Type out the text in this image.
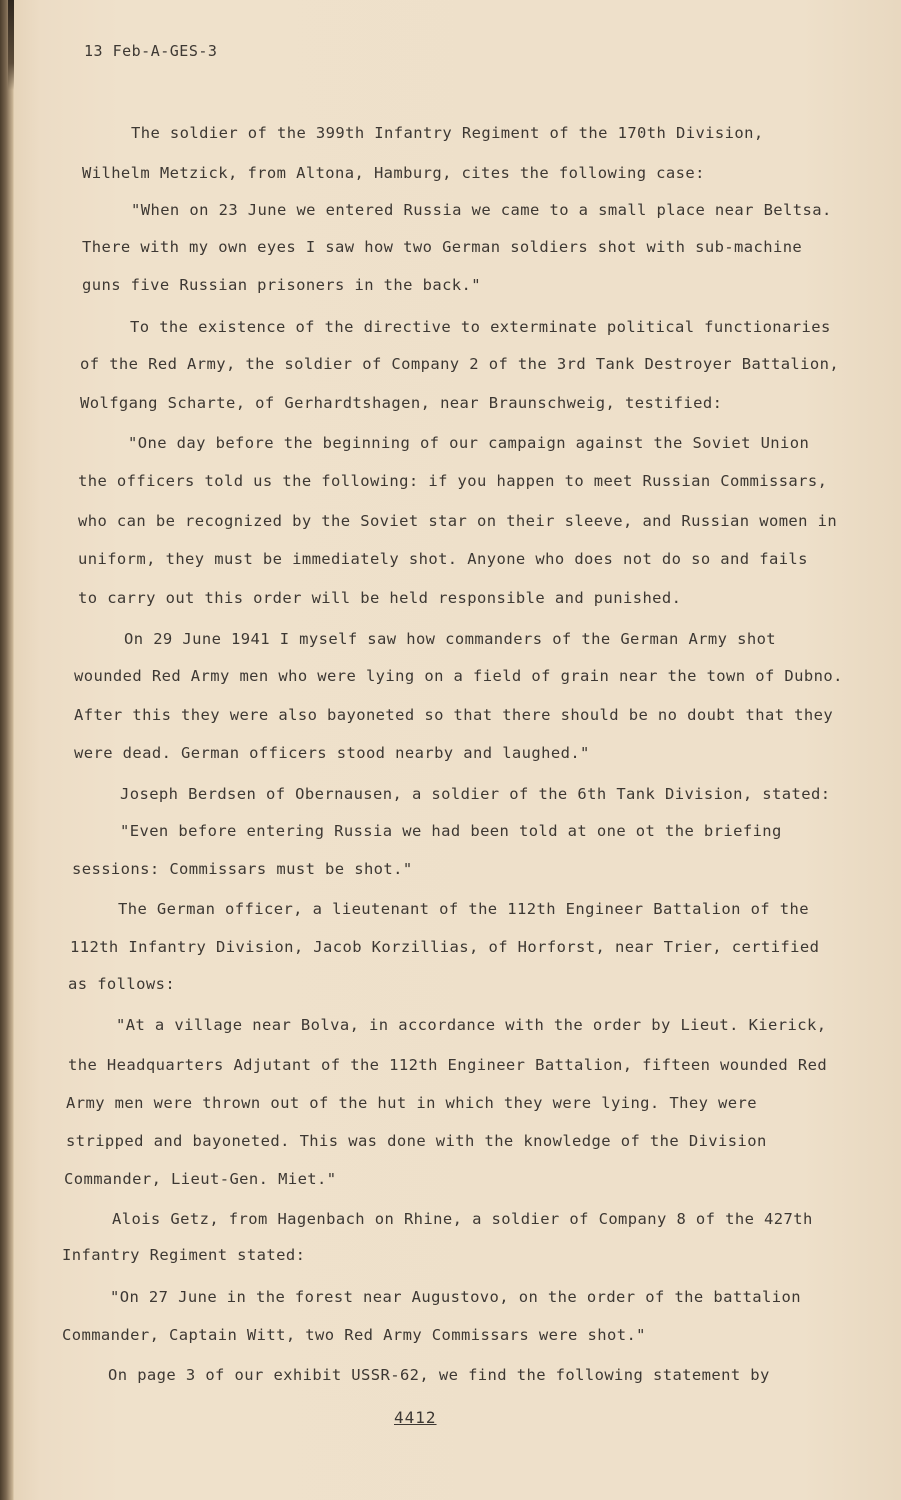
13 Feb-A-GES-3
The soldier of the 399th Infantry Regiment of the 170th Division,
Wilhelm Metzick, from Altona, Hamburg, cites the following case:
"When on 23 June we entered Russia we came to a small place near Beltsa.
There with my own eyes I saw how two German soldiers shot with sub-machine
guns five Russian prisoners in the back."
To the existence of the directive to exterminate political functionaries
of the Red Army, the soldier of Company 2 of the 3rd Tank Destroyer Battalion,
Wolfgang Scharte, of Gerhardtshagen, near Braunschweig, testified:
"One day before the beginning of our campaign against the Soviet Union
the officers told us the following: if you happen to meet Russian Commissars,
who can be recognized by the Soviet star on their sleeve, and Russian women in
uniform, they must be immediately shot. Anyone who does not do so and fails
to carry out this order will be held responsible and punished.
On 29 June 1941 I myself saw how commanders of the German Army shot
wounded Red Army men who were lying on a field of grain near the town of Dubno.
After this they were also bayoneted so that there should be no doubt that they
were dead. German officers stood nearby and laughed."
Joseph Berdsen of Obernausen, a soldier of the 6th Tank Division, stated:
"Even before entering Russia we had been told at one ot the briefing
sessions: Commissars must be shot."
The German officer, a lieutenant of the 112th Engineer Battalion of the
112th Infantry Division, Jacob Korzillias, of Horforst, near Trier, certified
as follows:
"At a village near Bolva, in accordance with the order by Lieut. Kierick,
the Headquarters Adjutant of the 112th Engineer Battalion, fifteen wounded Red
Army men were thrown out of the hut in which they were lying. They were
stripped and bayoneted. This was done with the knowledge of the Division
Commander, Lieut-Gen. Miet."
Alois Getz, from Hagenbach on Rhine, a soldier of Company 8 of the 427th
Infantry Regiment stated:
"On 27 June in the forest near Augustovo, on the order of the battalion
Commander, Captain Witt, two Red Army Commissars were shot."
On page 3 of our exhibit USSR-62, we find the following statement by
4412
